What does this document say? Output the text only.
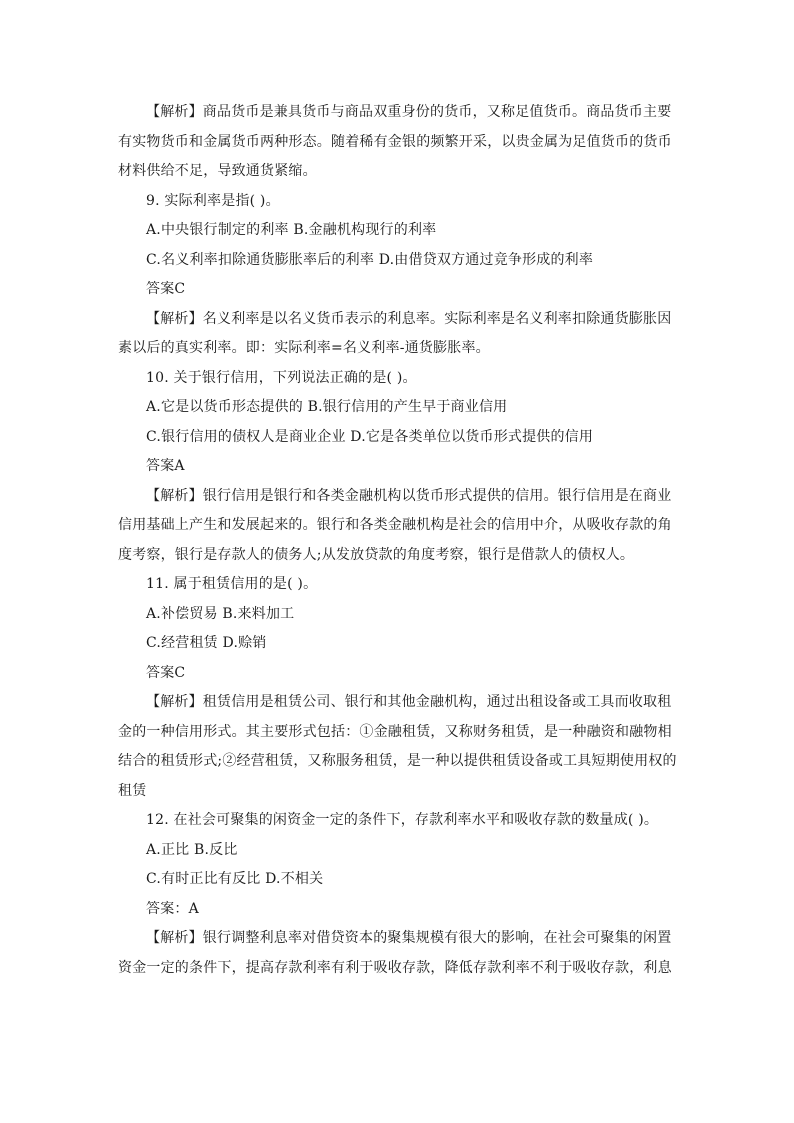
【解析】商品货币是兼具货币与商品双重身份的货币，又称足值货币。商品货币主要有实物货币和金属货币两种形态。随着稀有金银的频繁开采，以贵金属为足值货币的货币材料供给不足，导致通货紧缩。

9. 实际利率是指( )。

A.中央银行制定的利率 B.金融机构现行的利率

C.名义利率扣除通货膨胀率后的利率 D.由借贷双方通过竞争形成的利率

答案C

【解析】名义利率是以名义货币表示的利息率。实际利率是名义利率扣除通货膨胀因素以后的真实利率。即：实际利率=名义利率-通货膨胀率。

10. 关于银行信用，下列说法正确的是( )。

A.它是以货币形态提供的 B.银行信用的产生早于商业信用

C.银行信用的债权人是商业企业 D.它是各类单位以货币形式提供的信用

答案A

【解析】银行信用是银行和各类金融机构以货币形式提供的信用。银行信用是在商业信用基础上产生和发展起来的。银行和各类金融机构是社会的信用中介，从吸收存款的角度考察，银行是存款人的债务人;从发放贷款的角度考察，银行是借款人的债权人。

11. 属于租赁信用的是( )。

A.补偿贸易 B.来料加工

C.经营租赁 D.赊销

答案C

【解析】租赁信用是租赁公司、银行和其他金融机构，通过出租设备或工具而收取租金的一种信用形式。其主要形式包括：①金融租赁，又称财务租赁，是一种融资和融物相结合的租赁形式;②经营租赁，又称服务租赁，是一种以提供租赁设备或工具短期使用权的租赁

12. 在社会可聚集的闲资金一定的条件下，存款利率水平和吸收存款的数量成( )。

A.正比 B.反比

C.有时正比有反比 D.不相关

答案：A

【解析】银行调整利息率对借贷资本的聚集规模有很大的影响，在社会可聚集的闲置资金一定的条件下，提高存款利率有利于吸收存款，降低存款利率不利于吸收存款，利息
